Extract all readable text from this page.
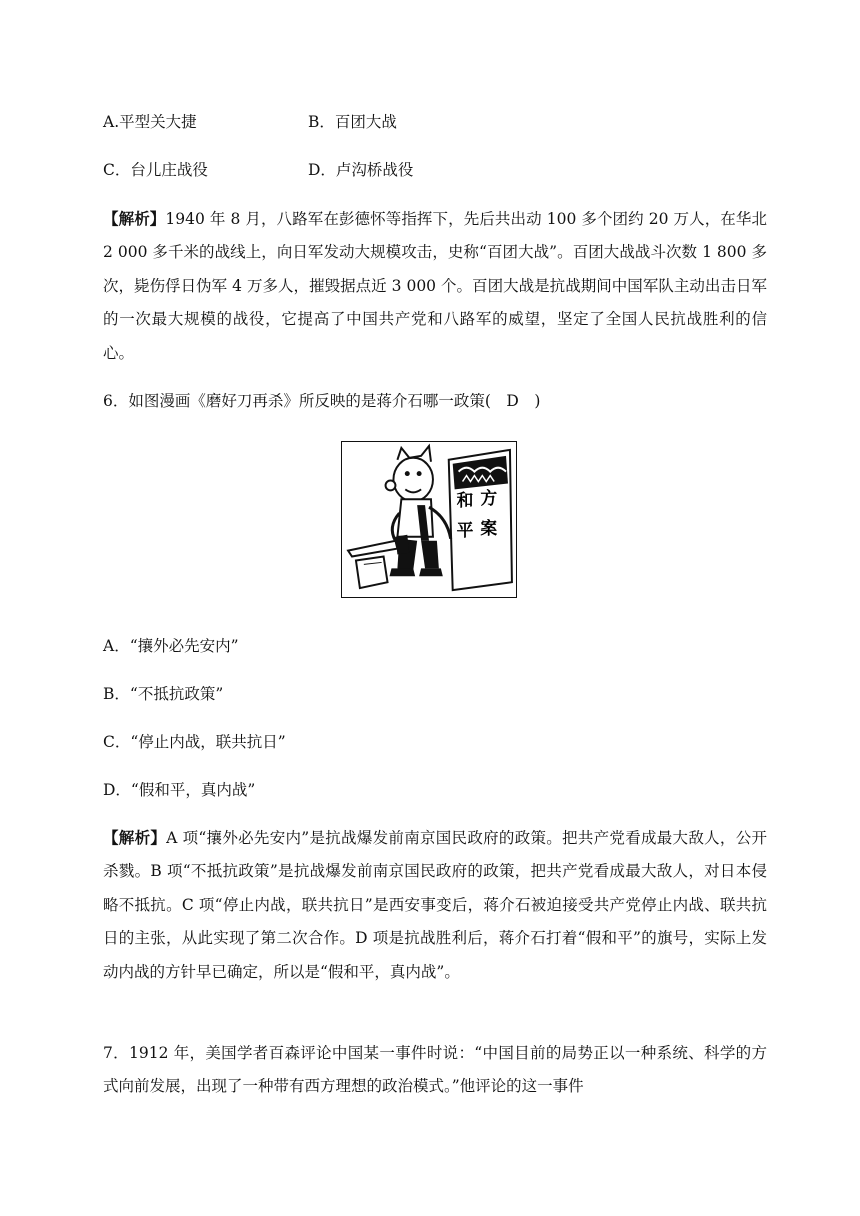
A.平型关大捷	B．百团大战
C．台儿庄战役	D．卢沟桥战役
【解析】1940 年 8 月，八路军在彭德怀等指挥下，先后共出动 100 多个团约 20 万人，在华北 2 000 多千米的战线上，向日军发动大规模攻击，史称“百团大战”。百团大战战斗次数 1 800 多次，毙伤俘日伪军 4 万多人，摧毁据点近 3 000 个。百团大战是抗战期间中国军队主动出击日军的一次最大规模的战役，它提高了中国共产党和八路军的威望，坚定了全国人民抗战胜利的信心。
6．如图漫画《磨好刀再杀》所反映的是蒋介石哪一政策(　D　)
和 方
平 案
A．“攘外必先安内”
B．“不抵抗政策”
C．“停止内战，联共抗日”
D．“假和平，真内战”
【解析】A 项“攘外必先安内”是抗战爆发前南京国民政府的政策。把共产党看成最大敌人，公开杀戮。B 项“不抵抗政策”是抗战爆发前南京国民政府的政策，把共产党看成最大敌人，对日本侵略不抵抗。C 项“停止内战，联共抗日”是西安事变后，蒋介石被迫接受共产党停止内战、联共抗日的主张，从此实现了第二次合作。D 项是抗战胜利后，蒋介石打着“假和平”的旗号，实际上发动内战的方针早已确定，所以是“假和平，真内战”。
7．1912 年，美国学者百森评论中国某一事件时说：“中国目前的局势正以一种系统、科学的方式向前发展，出现了一种带有西方理想的政治模式。”他评论的这一事件
